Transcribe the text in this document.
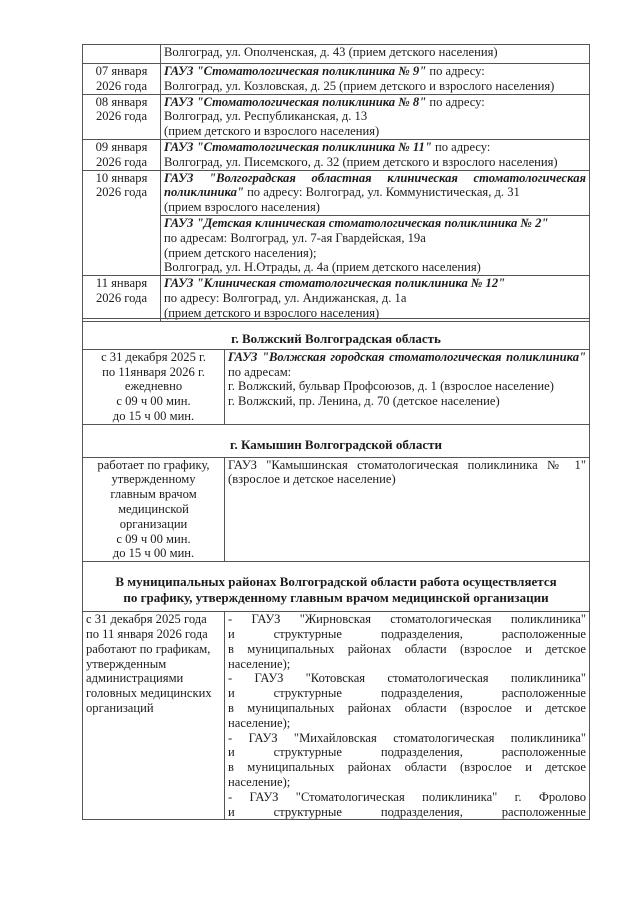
	Волгоград, ул. Ополченская, д. 43 (прием детского населения)

07 января
2026 года	ГАУЗ "Стоматологическая поликлиника № 9" по адресу:
Волгоград, ул. Козловская, д. 25 (прием детского и взрослого населения)

08 января
2026 года	ГАУЗ "Стоматологическая поликлиника № 8" по адресу:
Волгоград, ул. Республиканская, д. 13
(прием детского и взрослого населения)

09 января
2026 года	ГАУЗ "Стоматологическая поликлиника № 11" по адресу:
Волгоград, ул. Писемского, д. 32 (прием детского и взрослого населения)

10 января
2026 года	ГАУЗ "Волгоградская областная клиническая стоматологическая поликлиника" по адресу: Волгоград, ул. Коммунистическая, д. 31
(прием взрослого населения)

	ГАУЗ "Детская клиническая стоматологическая поликлиника № 2"
по адресам: Волгоград, ул. 7-ая Гвардейская, 19а
(прием детского населения);
Волгоград, ул. Н.Отрады, д. 4а (прием детского населения)

11 января
2026 года	ГАУЗ "Клиническая стоматологическая поликлиника № 12"
по адресу: Волгоград, ул. Андижанская, д. 1а
(прием детского и взрослого населения)
г. Волжский Волгоградская область	

с 31 декабря 2025 г.
по 11января 2026 г.
ежедневно
с 09 ч 00 мин.
до 15 ч 00 мин.	ГАУЗ "Волжская городская стоматологическая поликлиника" по адресам:
г. Волжский, бульвар Профсоюзов, д. 1 (взрослое население)
г. Волжский, пр. Ленина, д. 70 (детское население)

г. Камышин Волгоградской области	

работает по графику,
утвержденному
главным врачом
медицинской
организации
с 09 ч 00 мин.
до 15 ч 00 мин.
	ГАУЗ "Камышинская стоматологическая поликлиника № 1" (взрослое и детское население)

В муниципальных районах Волгоградской области работа осуществляется
по графику, утвержденному главным врачом медицинской организации	

с 31 декабря 2025 года
по 11 января 2026 года
работают по графикам,
утвержденным
администрациями
головных медицинских
организаций

- ГАУЗ "Жирновская стоматологическая поликлиника"
и структурные подразделения, расположенные
в муниципальных районах области (взрослое и детское
население);
- ГАУЗ "Котовская стоматологическая поликлиника"
и структурные подразделения, расположенные
в муниципальных районах области (взрослое и детское
население);
- ГАУЗ "Михайловская стоматологическая поликлиника"
и структурные подразделения, расположенные
в муниципальных районах области (взрослое и детское
население);
- ГАУЗ "Стоматологическая поликлиника" г. Фролово
и структурные подразделения, расположенные
